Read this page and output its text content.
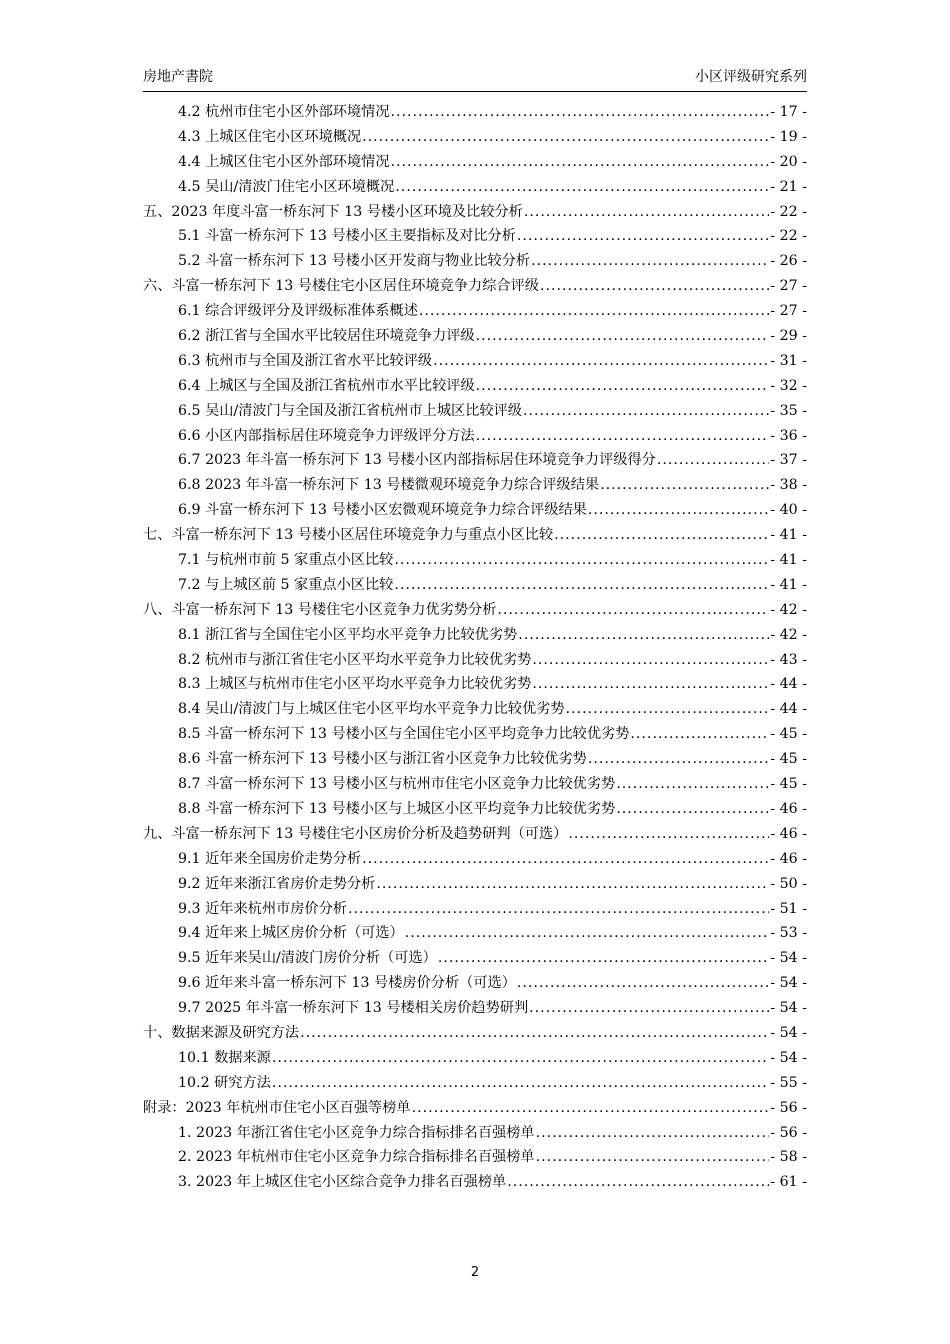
房地产書院	小区评级研究系列
4.2 杭州市住宅小区外部环境情况 .....	- 17 -
4.3 上城区住宅小区环境概况 .....	- 19 -
4.4 上城区住宅小区外部环境情况 .....	- 20 -
4.5 吴山/清波门住宅小区环境概况 .....	- 21 -
五、2023 年度斗富一桥东河下 13 号楼小区环境及比较分析 .....	- 22 -
5.1 斗富一桥东河下 13 号楼小区主要指标及对比分析 .....	- 22 -
5.2 斗富一桥东河下 13 号楼小区开发商与物业比较分析 .....	- 26 -
六、斗富一桥东河下 13 号楼住宅小区居住环境竞争力综合评级 .....	- 27 -
6.1 综合评级评分及评级标准体系概述 .....	- 27 -
6.2 浙江省与全国水平比较居住环境竞争力评级 .....	- 29 -
6.3 杭州市与全国及浙江省水平比较评级 .....	- 31 -
6.4 上城区与全国及浙江省杭州市水平比较评级 .....	- 32 -
6.5 吴山/清波门与全国及浙江省杭州市上城区比较评级 .....	- 35 -
6.6 小区内部指标居住环境竞争力评级评分方法 .....	- 36 -
6.7 2023 年斗富一桥东河下 13 号楼小区内部指标居住环境竞争力评级得分 .....	- 37 -
6.8 2023 年斗富一桥东河下 13 号楼微观环境竞争力综合评级结果 .....	- 38 -
6.9 斗富一桥东河下 13 号楼小区宏微观环境竞争力综合评级结果 .....	- 40 -
七、斗富一桥东河下 13 号楼小区居住环境竞争力与重点小区比较 .....	- 41 -
7.1 与杭州市前 5 家重点小区比较 .....	- 41 -
7.2 与上城区前 5 家重点小区比较 .....	- 41 -
八、斗富一桥东河下 13 号楼住宅小区竞争力优劣势分析 .....	- 42 -
8.1 浙江省与全国住宅小区平均水平竞争力比较优劣势 .....	- 42 -
8.2 杭州市与浙江省住宅小区平均水平竞争力比较优劣势 .....	- 43 -
8.3 上城区与杭州市住宅小区平均水平竞争力比较优劣势 .....	- 44 -
8.4 吴山/清波门与上城区住宅小区平均水平竞争力比较优劣势 .....	- 44 -
8.5 斗富一桥东河下 13 号楼小区与全国住宅小区平均竞争力比较优劣势 .....	- 45 -
8.6 斗富一桥东河下 13 号楼小区与浙江省小区竞争力比较优劣势 .....	- 45 -
8.7 斗富一桥东河下 13 号楼小区与杭州市住宅小区竞争力比较优劣势 .....	- 45 -
8.8 斗富一桥东河下 13 号楼小区与上城区小区平均竞争力比较优劣势 .....	- 46 -
九、斗富一桥东河下 13 号楼住宅小区房价分析及趋势研判（可选） .....	- 46 -
9.1 近年来全国房价走势分析 .....	- 46 -
9.2 近年来浙江省房价走势分析 .....	- 50 -
9.3 近年来杭州市房价分析 .....	- 51 -
9.4 近年来上城区房价分析（可选） .....	- 53 -
9.5 近年来吴山/清波门房价分析（可选） .....	- 54 -
9.6 近年来斗富一桥东河下 13 号楼房价分析（可选） .....	- 54 -
9.7 2025 年斗富一桥东河下 13 号楼相关房价趋势研判 .....	- 54 -
十、数据来源及研究方法 .....	- 54 -
10.1 数据来源 .....	- 54 -
10.2 研究方法 .....	- 55 -
附录：2023 年杭州市住宅小区百强等榜单 .....	- 56 -
1. 2023 年浙江省住宅小区竞争力综合指标排名百强榜单 .....	- 56 -
2. 2023 年杭州市住宅小区竞争力综合指标排名百强榜单 .....	- 58 -
3. 2023 年上城区住宅小区综合竞争力排名百强榜单 .....	- 61 -
2
